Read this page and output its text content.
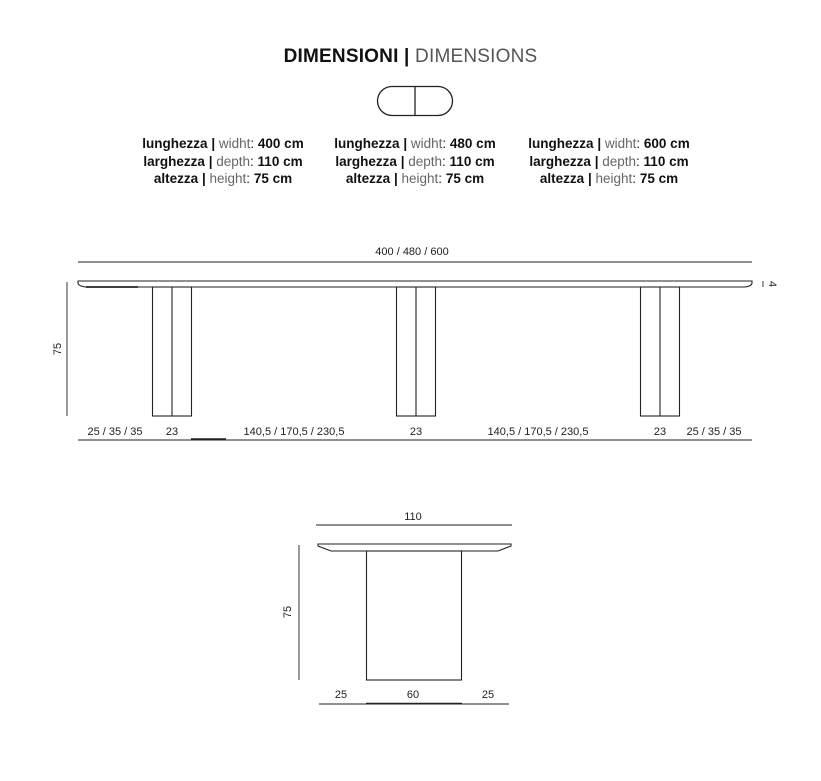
DIMENSIONI | DIMENSIONS
lunghezza | widht: 400 cm
larghezza | depth: 110 cm
altezza | height: 75 cm
lunghezza | widht: 480 cm
larghezza | depth: 110 cm
altezza | height: 75 cm
lunghezza | widht: 600 cm
larghezza | depth: 110 cm
altezza | height: 75 cm
400 / 480 / 600
75
4
25 / 35 / 35 23	140,5 / 170,5 / 230,5	23	140,5 / 170,5 / 230,5	23 25 / 35 / 35
110
75
25	60	25
